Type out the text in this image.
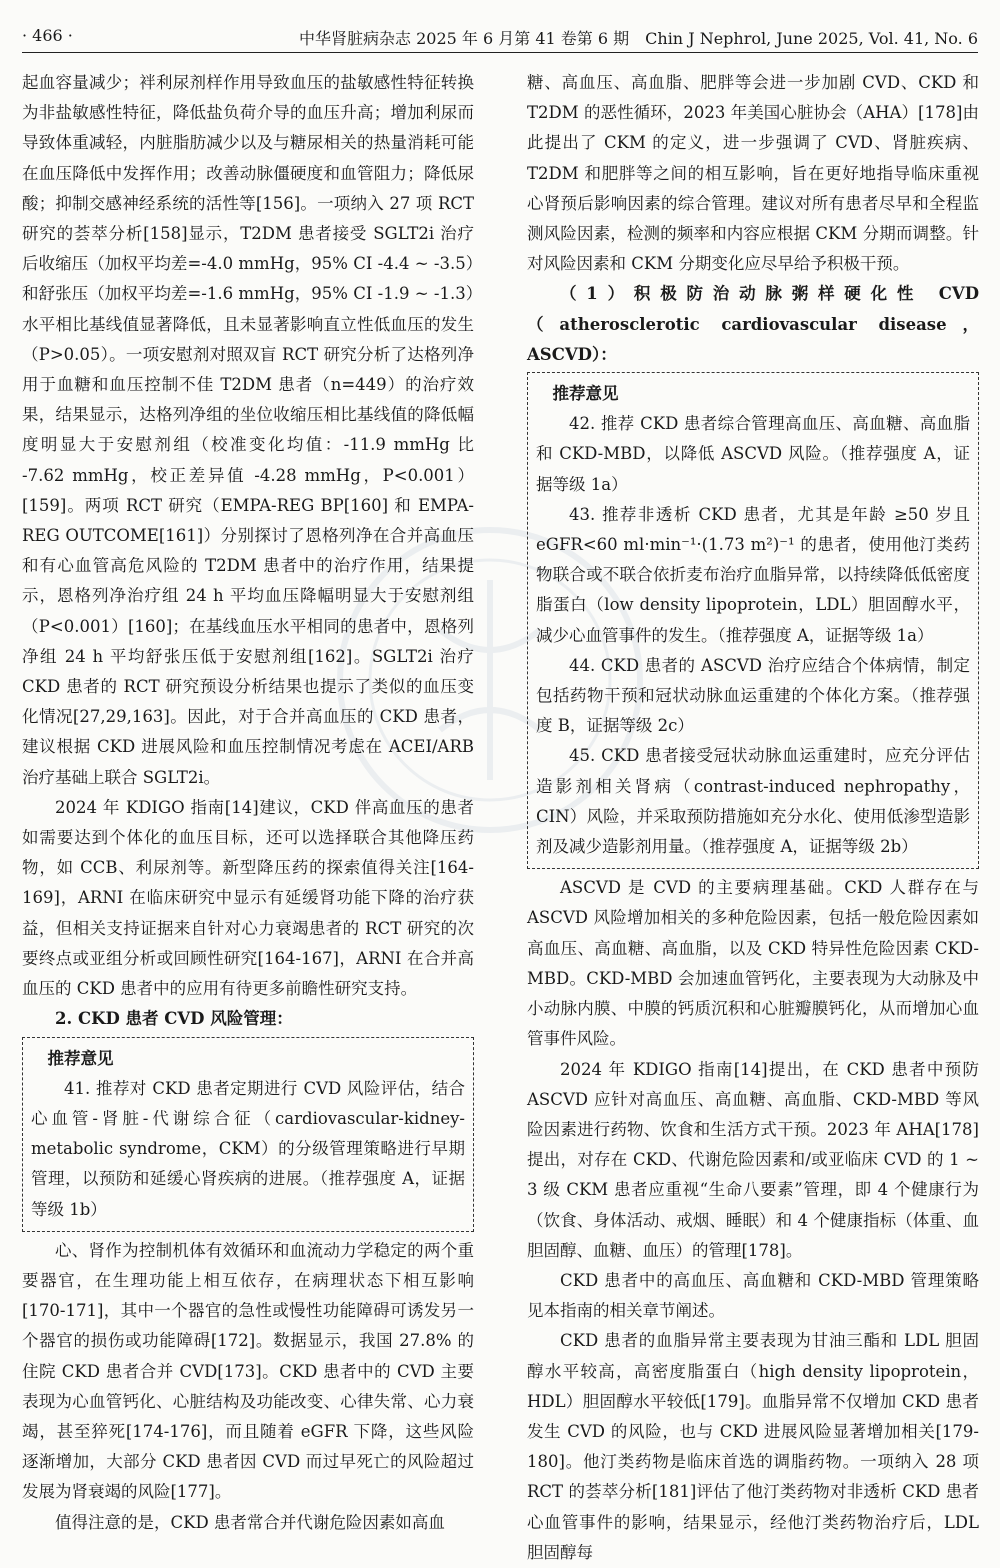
· 466 ·	中华肾脏病杂志 2025 年 6 月第 41 卷第 6 期　Chin J Nephrol, June 2025, Vol. 41, No. 6

起血容量减少；袢利尿剂样作用导致血压的盐敏感性特征转换为非盐敏感性特征，降低盐负荷介导的血压升高；增加利尿而导致体重减轻，内脏脂肪减少以及与糖尿相关的热量消耗可能在血压降低中发挥作用；改善动脉僵硬度和血管阻力；降低尿酸；抑制交感神经系统的活性等[156]。一项纳入 27 项 RCT 研究的荟萃分析[158]显示，T2DM 患者接受 SGLT2i 治疗后收缩压（加权平均差=-4.0 mmHg，95% CI -4.4 ~ -3.5）和舒张压（加权平均差=-1.6 mmHg，95% CI -1.9 ~ -1.3）水平相比基线值显著降低，且未显著影响直立性低血压的发生（P>0.05）。一项安慰剂对照双盲 RCT 研究分析了达格列净用于血糖和血压控制不佳 T2DM 患者（n=449）的治疗效果，结果显示，达格列净组的坐位收缩压相比基线值的降低幅度明显大于安慰剂组（校准变化均值：-11.9 mmHg 比 -7.62 mmHg，校正差异值 -4.28 mmHg，P<0.001）[159]。两项 RCT 研究（EMPA-REG BP[160] 和 EMPA-REG OUTCOME[161]）分别探讨了恩格列净在合并高血压和有心血管高危风险的 T2DM 患者中的治疗作用，结果提示，恩格列净治疗组 24 h 平均血压降幅明显大于安慰剂组（P<0.001）[160]；在基线血压水平相同的患者中，恩格列净组 24 h 平均舒张压低于安慰剂组[162]。SGLT2i 治疗 CKD 患者的 RCT 研究预设分析结果也提示了类似的血压变化情况[27,29,163]。因此，对于合并高血压的 CKD 患者，建议根据 CKD 进展风险和血压控制情况考虑在 ACEI/ARB 治疗基础上联合 SGLT2i。

2024 年 KDIGO 指南[14]建议，CKD 伴高血压的患者如需要达到个体化的血压目标，还可以选择联合其他降压药物，如 CCB、利尿剂等。新型降压药的探索值得关注[164-169]，ARNI 在临床研究中显示有延缓肾功能下降的治疗获益，但相关支持证据来自针对心力衰竭患者的 RCT 研究的次要终点或亚组分析或回顾性研究[164-167]，ARNI 在合并高血压的 CKD 患者中的应用有待更多前瞻性研究支持。

2. CKD 患者 CVD 风险管理：

推荐意见

41. 推荐对 CKD 患者定期进行 CVD 风险评估，结合心血管-肾脏-代谢综合征（cardiovascular-kidney-metabolic syndrome，CKM）的分级管理策略进行早期管理，以预防和延缓心肾疾病的进展。（推荐强度 A，证据等级 1b）

心、肾作为控制机体有效循环和血流动力学稳定的两个重要器官，在生理功能上相互依存，在病理状态下相互影响[170-171]，其中一个器官的急性或慢性功能障碍可诱发另一个器官的损伤或功能障碍[172]。数据显示，我国 27.8% 的住院 CKD 患者合并 CVD[173]。CKD 患者中的 CVD 主要表现为心血管钙化、心脏结构及功能改变、心律失常、心力衰竭，甚至猝死[174-176]，而且随着 eGFR 下降，这些风险逐渐增加，大部分 CKD 患者因 CVD 而过早死亡的风险超过发展为肾衰竭的风险[177]。

值得注意的是，CKD 患者常合并代谢危险因素如高血

糖、高血压、高血脂、肥胖等会进一步加剧 CVD、CKD 和 T2DM 的恶性循环，2023 年美国心脏协会（AHA）[178]由此提出了 CKM 的定义，进一步强调了 CVD、肾脏疾病、T2DM 和肥胖等之间的相互影响，旨在更好地指导临床重视心肾预后影响因素的综合管理。建议对所有患者尽早和全程监测风险因素，检测的频率和内容应根据 CKM 分期而调整。针对风险因素和 CKM 分期变化应尽早给予积极干预。

（1）积极防治动脉粥样硬化性 CVD（atherosclerotic cardiovascular disease，ASCVD）：

推荐意见

42. 推荐 CKD 患者综合管理高血压、高血糖、高血脂和 CKD-MBD，以降低 ASCVD 风险。（推荐强度 A，证据等级 1a）

43. 推荐非透析 CKD 患者，尤其是年龄 ≥50 岁且 eGFR<60 ml·min⁻¹·(1.73 m²)⁻¹ 的患者，使用他汀类药物联合或不联合依折麦布治疗血脂异常，以持续降低低密度脂蛋白（low density lipoprotein，LDL）胆固醇水平，减少心血管事件的发生。（推荐强度 A，证据等级 1a）

44. CKD 患者的 ASCVD 治疗应结合个体病情，制定包括药物干预和冠状动脉血运重建的个体化方案。（推荐强度 B，证据等级 2c）

45. CKD 患者接受冠状动脉血运重建时，应充分评估造影剂相关肾病（contrast-induced nephropathy，CIN）风险，并采取预防措施如充分水化、使用低渗型造影剂及减少造影剂用量。（推荐强度 A，证据等级 2b）

ASCVD 是 CVD 的主要病理基础。CKD 人群存在与 ASCVD 风险增加相关的多种危险因素，包括一般危险因素如高血压、高血糖、高血脂，以及 CKD 特异性危险因素 CKD-MBD。CKD-MBD 会加速血管钙化，主要表现为大动脉及中小动脉内膜、中膜的钙质沉积和心脏瓣膜钙化，从而增加心血管事件风险。

2024 年 KDIGO 指南[14]提出，在 CKD 患者中预防 ASCVD 应针对高血压、高血糖、高血脂、CKD-MBD 等风险因素进行药物、饮食和生活方式干预。2023 年 AHA[178]提出，对存在 CKD、代谢危险因素和/或亚临床 CVD 的 1 ~ 3 级 CKM 患者应重视“生命八要素”管理，即 4 个健康行为（饮食、身体活动、戒烟、睡眠）和 4 个健康指标（体重、血胆固醇、血糖、血压）的管理[178]。

CKD 患者中的高血压、高血糖和 CKD-MBD 管理策略见本指南的相关章节阐述。

CKD 患者的血脂异常主要表现为甘油三酯和 LDL 胆固醇水平较高，高密度脂蛋白（high density lipoprotein，HDL）胆固醇水平较低[179]。血脂异常不仅增加 CKD 患者发生 CVD 的风险，也与 CKD 进展风险显著增加相关[179-180]。他汀类药物是临床首选的调脂药物。一项纳入 28 项 RCT 的荟萃分析[181]评估了他汀类药物对非透析 CKD 患者心血管事件的影响，结果显示，经他汀类药物治疗后，LDL 胆固醇每
